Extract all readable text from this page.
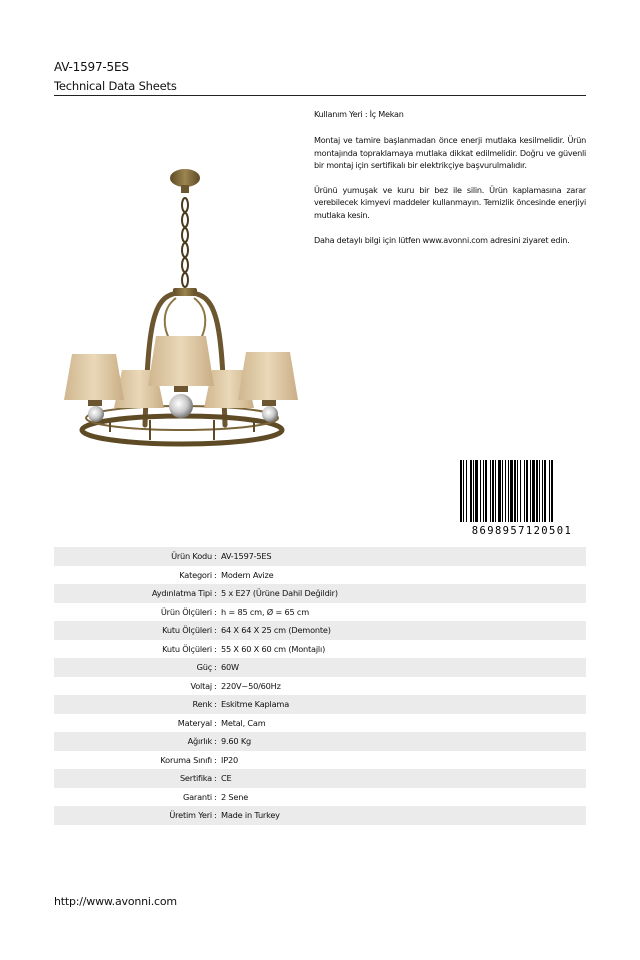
AV-1597-5ES
Technical Data Sheets

Kullanım Yeri : İç Mekan

Montaj ve tamire başlanmadan önce enerji mutlaka kesilmelidir. Ürün montajında topraklamaya mutlaka dikkat edilmelidir. Doğru ve güvenli bir montaj için sertifikalı bir elektrikçiye başvurulmalıdır.

Ürünü yumuşak ve kuru bir bez ile silin. Ürün kaplamasına zarar verebilecek kimyevi maddeler kullanmayın. Temizlik öncesinde enerjiyi mutlaka kesin.

Daha detaylı bilgi için lütfen www.avonni.com adresini ziyaret edin.

8698957120501
Ürün Kodu : AV-1597-5ES
Kategori : Modern Avize
Aydınlatma Tipi : 5 x E27 (Ürüne Dahil Değildir)
Ürün Ölçüleri : h = 85 cm, Ø = 65 cm
Kutu Ölçüleri : 64 X 64 X 25 cm (Demonte)
Kutu Ölçüleri : 55 X 60 X 60 cm (Montajlı)
Güç : 60W
Voltaj : 220V~50/60Hz
Renk : Eskitme Kaplama
Materyal : Metal, Cam
Ağırlık : 9.60 Kg
Koruma Sınıfı : IP20
Sertifika : CE
Garanti : 2 Sene
Üretim Yeri : Made in Turkey
http://www.avonni.com
